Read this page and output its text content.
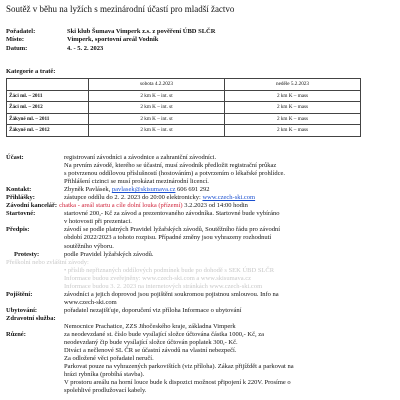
Soutěž v běhu na lyžích s mezinárodní účastí pro mladší žactvo
Pořadatel:	Ski klub Šumava Vimperk z.s. z pověření ÚBD SLČR
Místo:	Vimperk, sportovní areál Vodník
Datum:	4. - 5. 2. 2023
Kategorie a tratě:
	sobota 4.2.2023	neděle 5.2.2023
Žáci ml. – 2011	2 km K – int. st	2 km K – mass
Žáci ml. – 2012	2 km K – int. st	2 km K – mass
Žákyně ml. – 2011	2 km K – int. st	2 km K – mass
Žákyně ml. – 2012	2 km K – int. st	2 km K – mass
Účast:	registrovaní závodníci a závodnice a zahraniční závodníci.
Na prvním závodě, kterého se účastní, musí závodník předložit registrační průkaz
s potvrzenou oddílovou příslušností (hostováním) a potvrzením o lékařské prohlídce.
Přihlášení cizinci se musí prokázat mezinárodní licencí.
Kontakt:	Zbyněk Pavlásek, pavlasek@skisumava.cz 606 691 292
Přihlášky:	zástupce oddílu do 2. 2. 2023 do 20:00 elektronicky: www.czech-ski.com
Závodní kancelář: chatka - areál startu a cíle dolní louka (přízemí) 3.2.2023 od 14:00 hodin
Startovné:	startovné 200,- Kč za závod a prezentovaného závodníka. Startovné bude vybíráno
v hotovosti při prezentaci.
Předpis:	závodí se podle platných Pravidel lyžařských závodů, Soutěžního řádu pro závodní
období 2022/2023 a tohoto rozpisu. Případné změny jsou vyhrazeny rozhodnutí
soutěžního výboru.
Protesty:	podle Pravidel lyžařských závodů.
Přeškolní nebo zvláštní závody:
• příslib nepřiznaných oddílových podmínek bude po dohodě s SEK ÚBD SLČR
Informace budou zveřejněny: www.czech-ski.com a www.skisumava.cz
Informace budou 3. 2. 2023 na internetových stránkách www.czech-ski.com
Pojištění:	závodníci a jejich doprovod jsou pojištěni soukromou pojistnou smlouvou. Info na
www.czech-ski.com
Ubytování:	pořadatel nezajišťuje, doporučení viz příloha Informace o ubytování
Zdravotní služba:
Nemocnice Prachatice, ZZS Jihočeského kraje, základna Vimperk
Různé:	za neodevzdané st. číslo bude vysílající složce účtována částka 1000,- Kč, za
neodevzdaný čip bude vysílající složce účtován poplatek 300,- Kč.
Diváci a nečlenové SL ČR se účastní závodů na vlastní nebezpečí.
Za odložené věci pořadatel neručí.
Parkovat pouze na vyhrazených parkovištích (viz příloha). Zákaz přijíždět a parkovat na
hrázi rybníka (probíhá stavba).
V prostoru areálu na horní louce bude k dispozici možnost připojení k 220V. Prosíme o
spolehlivé prodlužovací kabely.
